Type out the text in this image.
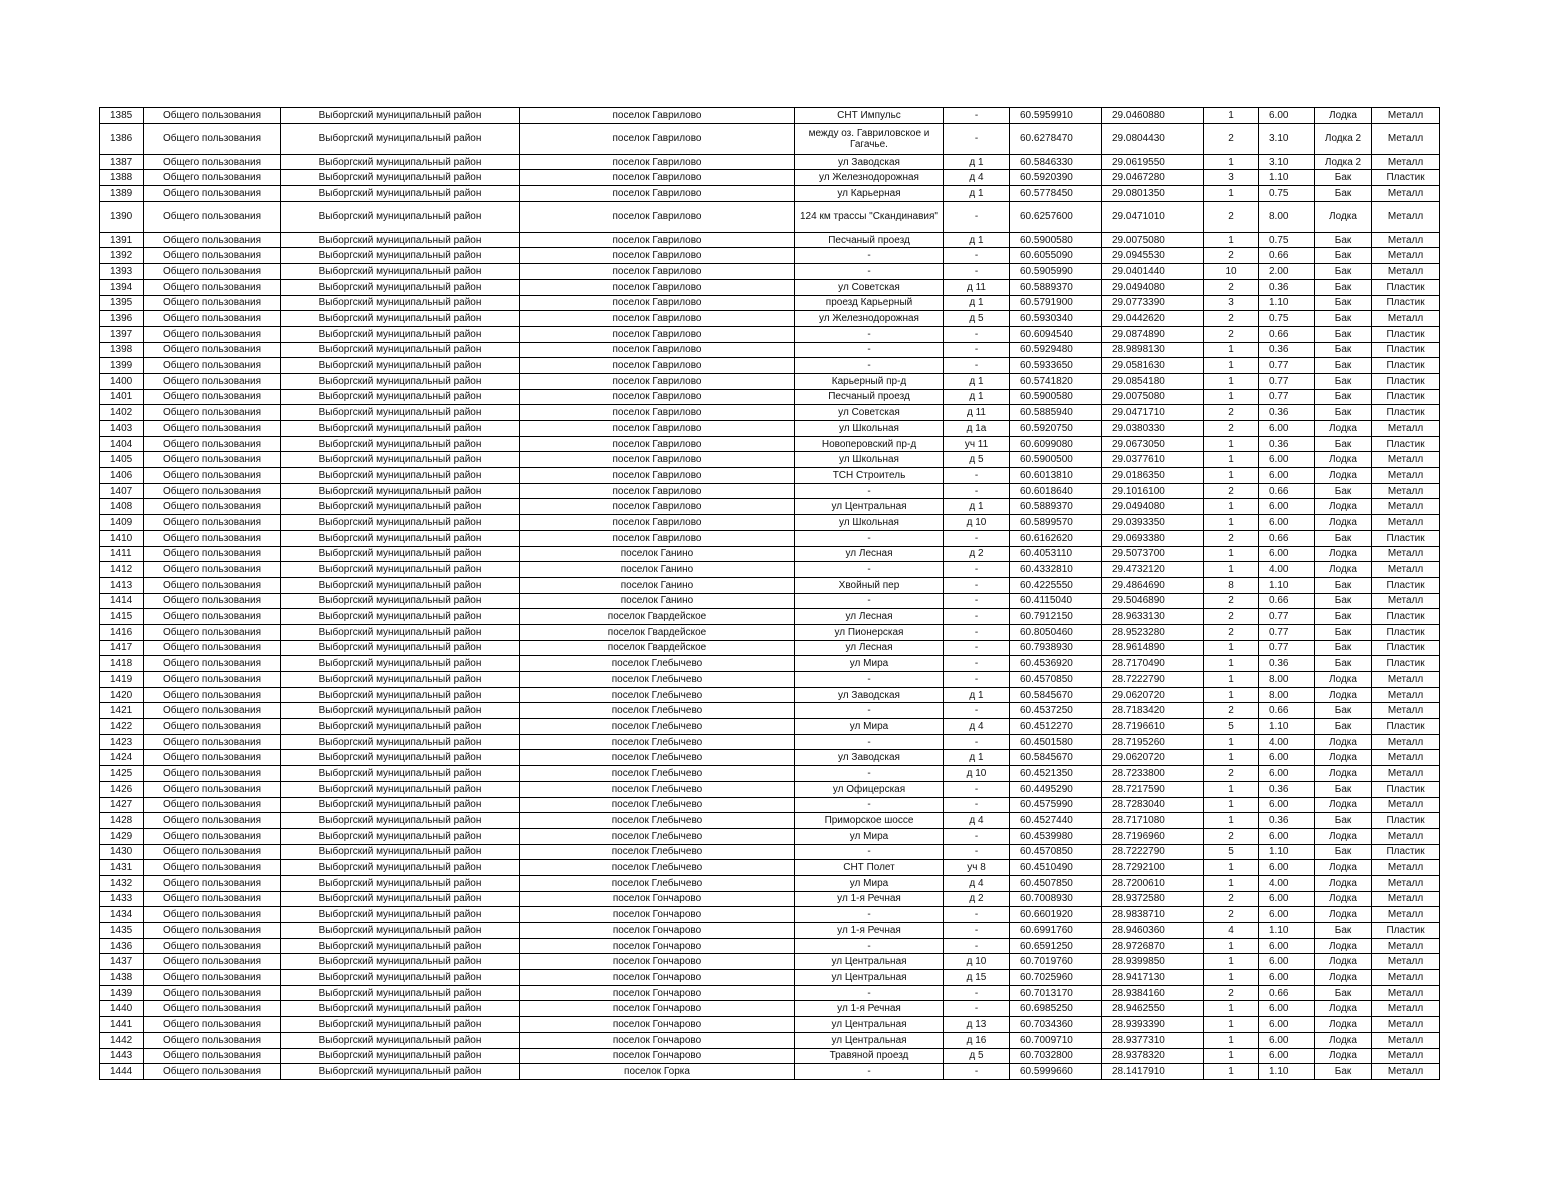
1385	Общего пользования	Выборгский муниципальный район	поселок Гаврилово	СНТ Импульс	-	60.5959910	29.0460880	1	6.00	Лодка	Металл
1386	Общего пользования	Выборгский муниципальный район	поселок Гаврилово	между оз. Гавриловское и Гагачье.	-	60.6278470	29.0804430	2	3.10	Лодка 2	Металл
1387	Общего пользования	Выборгский муниципальный район	поселок Гаврилово	ул Заводская	д 1	60.5846330	29.0619550	1	3.10	Лодка 2	Металл
1388	Общего пользования	Выборгский муниципальный район	поселок Гаврилово	ул Железнодорожная	д 4	60.5920390	29.0467280	3	1.10	Бак	Пластик
1389	Общего пользования	Выборгский муниципальный район	поселок Гаврилово	ул Карьерная	д 1	60.5778450	29.0801350	1	0.75	Бак	Металл
1390	Общего пользования	Выборгский муниципальный район	поселок Гаврилово	124 км трассы "Скандинавия"	-	60.6257600	29.0471010	2	8.00	Лодка	Металл
1391	Общего пользования	Выборгский муниципальный район	поселок Гаврилово	Песчаный проезд	д 1	60.5900580	29.0075080	1	0.75	Бак	Металл
1392	Общего пользования	Выборгский муниципальный район	поселок Гаврилово	-	-	60.6055090	29.0945530	2	0.66	Бак	Металл
1393	Общего пользования	Выборгский муниципальный район	поселок Гаврилово	-	-	60.5905990	29.0401440	10	2.00	Бак	Металл
1394	Общего пользования	Выборгский муниципальный район	поселок Гаврилово	ул Советская	д 11	60.5889370	29.0494080	2	0.36	Бак	Пластик
1395	Общего пользования	Выборгский муниципальный район	поселок Гаврилово	проезд Карьерный	д 1	60.5791900	29.0773390	3	1.10	Бак	Пластик
1396	Общего пользования	Выборгский муниципальный район	поселок Гаврилово	ул Железнодорожная	д 5	60.5930340	29.0442620	2	0.75	Бак	Металл
1397	Общего пользования	Выборгский муниципальный район	поселок Гаврилово	-	-	60.6094540	29.0874890	2	0.66	Бак	Пластик
1398	Общего пользования	Выборгский муниципальный район	поселок Гаврилово	-	-	60.5929480	28.9898130	1	0.36	Бак	Пластик
1399	Общего пользования	Выборгский муниципальный район	поселок Гаврилово	-	-	60.5933650	29.0581630	1	0.77	Бак	Пластик
1400	Общего пользования	Выборгский муниципальный район	поселок Гаврилово	Карьерный пр-д	д 1	60.5741820	29.0854180	1	0.77	Бак	Пластик
1401	Общего пользования	Выборгский муниципальный район	поселок Гаврилово	Песчаный проезд	д 1	60.5900580	29.0075080	1	0.77	Бак	Пластик
1402	Общего пользования	Выборгский муниципальный район	поселок Гаврилово	ул Советская	д 11	60.5885940	29.0471710	2	0.36	Бак	Пластик
1403	Общего пользования	Выборгский муниципальный район	поселок Гаврилово	ул Школьная	д 1а	60.5920750	29.0380330	2	6.00	Лодка	Металл
1404	Общего пользования	Выборгский муниципальный район	поселок Гаврилово	Новоперовский пр-д	уч 11	60.6099080	29.0673050	1	0.36	Бак	Пластик
1405	Общего пользования	Выборгский муниципальный район	поселок Гаврилово	ул Школьная	д 5	60.5900500	29.0377610	1	6.00	Лодка	Металл
1406	Общего пользования	Выборгский муниципальный район	поселок Гаврилово	ТСН Строитель	-	60.6013810	29.0186350	1	6.00	Лодка	Металл
1407	Общего пользования	Выборгский муниципальный район	поселок Гаврилово	-	-	60.6018640	29.1016100	2	0.66	Бак	Металл
1408	Общего пользования	Выборгский муниципальный район	поселок Гаврилово	ул Центральная	д 1	60.5889370	29.0494080	1	6.00	Лодка	Металл
1409	Общего пользования	Выборгский муниципальный район	поселок Гаврилово	ул Школьная	д 10	60.5899570	29.0393350	1	6.00	Лодка	Металл
1410	Общего пользования	Выборгский муниципальный район	поселок Гаврилово	-	-	60.6162620	29.0693380	2	0.66	Бак	Пластик
1411	Общего пользования	Выборгский муниципальный район	поселок Ганино	ул Лесная	д 2	60.4053110	29.5073700	1	6.00	Лодка	Металл
1412	Общего пользования	Выборгский муниципальный район	поселок Ганино	-	-	60.4332810	29.4732120	1	4.00	Лодка	Металл
1413	Общего пользования	Выборгский муниципальный район	поселок Ганино	Хвойный пер	-	60.4225550	29.4864690	8	1.10	Бак	Пластик
1414	Общего пользования	Выборгский муниципальный район	поселок Ганино	-	-	60.4115040	29.5046890	2	0.66	Бак	Металл
1415	Общего пользования	Выборгский муниципальный район	поселок Гвардейское	ул Лесная	-	60.7912150	28.9633130	2	0.77	Бак	Пластик
1416	Общего пользования	Выборгский муниципальный район	поселок Гвардейское	ул Пионерская	-	60.8050460	28.9523280	2	0.77	Бак	Пластик
1417	Общего пользования	Выборгский муниципальный район	поселок Гвардейское	ул Лесная	-	60.7938930	28.9614890	1	0.77	Бак	Пластик
1418	Общего пользования	Выборгский муниципальный район	поселок Глебычево	ул Мира	-	60.4536920	28.7170490	1	0.36	Бак	Пластик
1419	Общего пользования	Выборгский муниципальный район	поселок Глебычево	-	-	60.4570850	28.7222790	1	8.00	Лодка	Металл
1420	Общего пользования	Выборгский муниципальный район	поселок Глебычево	ул Заводская	д 1	60.5845670	29.0620720	1	8.00	Лодка	Металл
1421	Общего пользования	Выборгский муниципальный район	поселок Глебычево	-	-	60.4537250	28.7183420	2	0.66	Бак	Металл
1422	Общего пользования	Выборгский муниципальный район	поселок Глебычево	ул Мира	д 4	60.4512270	28.7196610	5	1.10	Бак	Пластик
1423	Общего пользования	Выборгский муниципальный район	поселок Глебычево	-	-	60.4501580	28.7195260	1	4.00	Лодка	Металл
1424	Общего пользования	Выборгский муниципальный район	поселок Глебычево	ул Заводская	д 1	60.5845670	29.0620720	1	6.00	Лодка	Металл
1425	Общего пользования	Выборгский муниципальный район	поселок Глебычево	-	д 10	60.4521350	28.7233800	2	6.00	Лодка	Металл
1426	Общего пользования	Выборгский муниципальный район	поселок Глебычево	ул Офицерская	-	60.4495290	28.7217590	1	0.36	Бак	Пластик
1427	Общего пользования	Выборгский муниципальный район	поселок Глебычево	-	-	60.4575990	28.7283040	1	6.00	Лодка	Металл
1428	Общего пользования	Выборгский муниципальный район	поселок Глебычево	Приморское шоссе	д 4	60.4527440	28.7171080	1	0.36	Бак	Пластик
1429	Общего пользования	Выборгский муниципальный район	поселок Глебычево	ул Мира	-	60.4539980	28.7196960	2	6.00	Лодка	Металл
1430	Общего пользования	Выборгский муниципальный район	поселок Глебычево	-	-	60.4570850	28.7222790	5	1.10	Бак	Пластик
1431	Общего пользования	Выборгский муниципальный район	поселок Глебычево	СНТ Полет	уч 8	60.4510490	28.7292100	1	6.00	Лодка	Металл
1432	Общего пользования	Выборгский муниципальный район	поселок Глебычево	ул Мира	д 4	60.4507850	28.7200610	1	4.00	Лодка	Металл
1433	Общего пользования	Выборгский муниципальный район	поселок Гончарово	ул 1-я Речная	д 2	60.7008930	28.9372580	2	6.00	Лодка	Металл
1434	Общего пользования	Выборгский муниципальный район	поселок Гончарово	-	-	60.6601920	28.9838710	2	6.00	Лодка	Металл
1435	Общего пользования	Выборгский муниципальный район	поселок Гончарово	ул 1-я Речная	-	60.6991760	28.9460360	4	1.10	Бак	Пластик
1436	Общего пользования	Выборгский муниципальный район	поселок Гончарово	-	-	60.6591250	28.9726870	1	6.00	Лодка	Металл
1437	Общего пользования	Выборгский муниципальный район	поселок Гончарово	ул Центральная	д 10	60.7019760	28.9399850	1	6.00	Лодка	Металл
1438	Общего пользования	Выборгский муниципальный район	поселок Гончарово	ул Центральная	д 15	60.7025960	28.9417130	1	6.00	Лодка	Металл
1439	Общего пользования	Выборгский муниципальный район	поселок Гончарово	-	-	60.7013170	28.9384160	2	0.66	Бак	Металл
1440	Общего пользования	Выборгский муниципальный район	поселок Гончарово	ул 1-я Речная	-	60.6985250	28.9462550	1	6.00	Лодка	Металл
1441	Общего пользования	Выборгский муниципальный район	поселок Гончарово	ул Центральная	д 13	60.7034360	28.9393390	1	6.00	Лодка	Металл
1442	Общего пользования	Выборгский муниципальный район	поселок Гончарово	ул Центральная	д 16	60.7009710	28.9377310	1	6.00	Лодка	Металл
1443	Общего пользования	Выборгский муниципальный район	поселок Гончарово	Травяной проезд	д 5	60.7032800	28.9378320	1	6.00	Лодка	Металл
1444	Общего пользования	Выборгский муниципальный район	поселок Горка	-	-	60.5999660	28.1417910	1	1.10	Бак	Металл
